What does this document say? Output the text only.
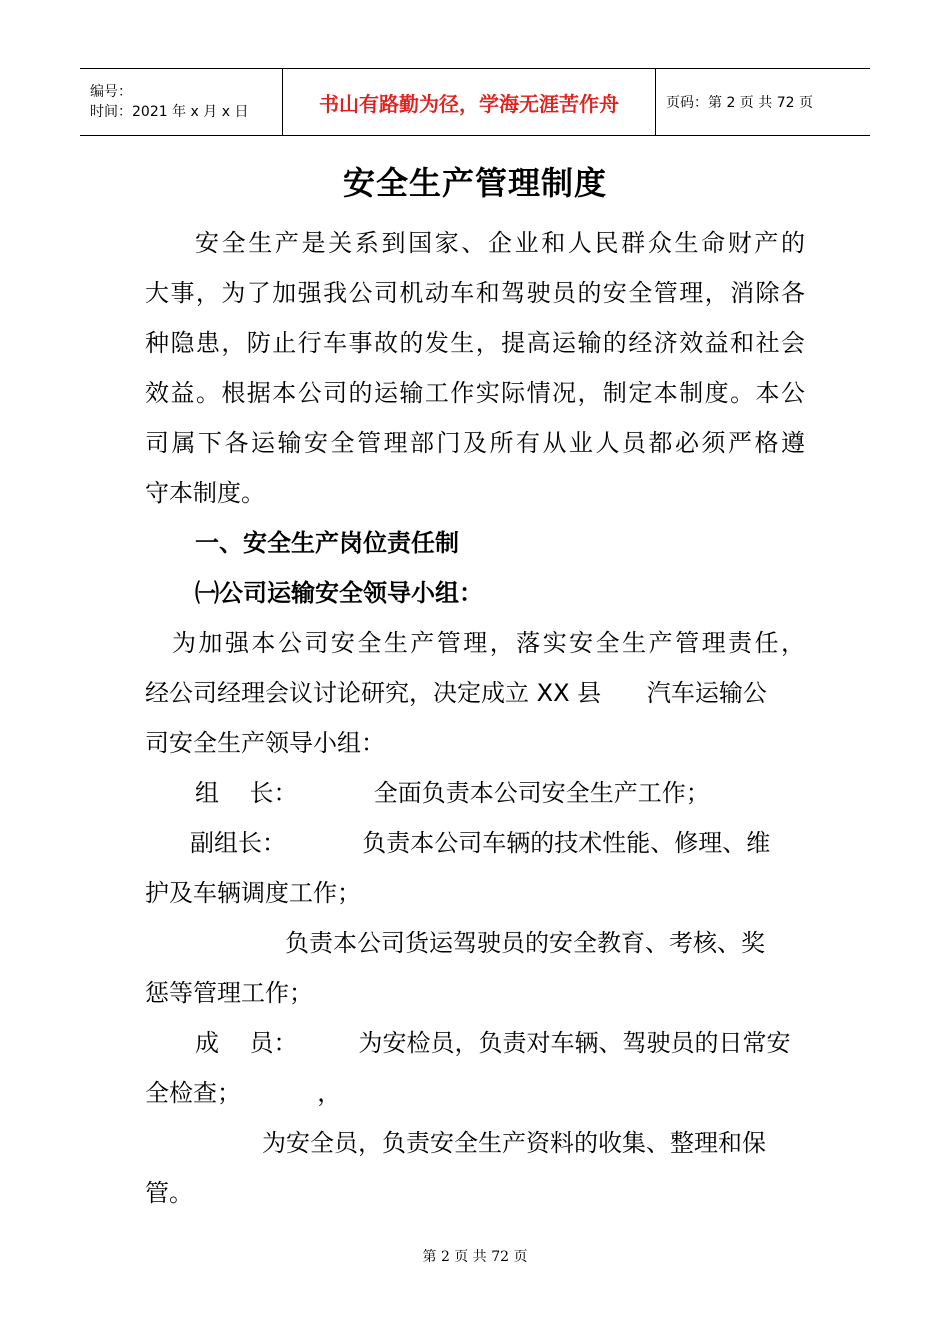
编号：
时间：2021 年 x 月 x 日	书山有路勤为径，学海无涯苦作舟	页码：第 2 页 共 72 页
安全生产管理制度
安全生产是关系到国家、企业和人民群众生命财产的
大事，为了加强我公司机动车和驾驶员的安全管理，消除各
种隐患，防止行车事故的发生，提高运输的经济效益和社会
效益。根据本公司的运输工作实际情况，制定本制度。本公
司属下各运输安全管理部门及所有从业人员都必须严格遵
守本制度。
一、安全生产岗位责任制
㈠公司运输安全领导小组：
为加强本公司安全生产管理，落实安全生产管理责任，
经公司经理会议讨论研究，决定成立 XX 县      汽车运输公
司安全生产领导小组：
组    长：          全面负责本公司安全生产工作；
副组长：          负责本公司车辆的技术性能、修理、维
护及车辆调度工作；
负责本公司货运驾驶员的安全教育、考核、奖
惩等管理工作；
成    员：        为安检员，负责对车辆、驾驶员的日常安
全检查；          ，
为安全员，负责安全生产资料的收集、整理和保
管。
第 2 页 共 72 页
